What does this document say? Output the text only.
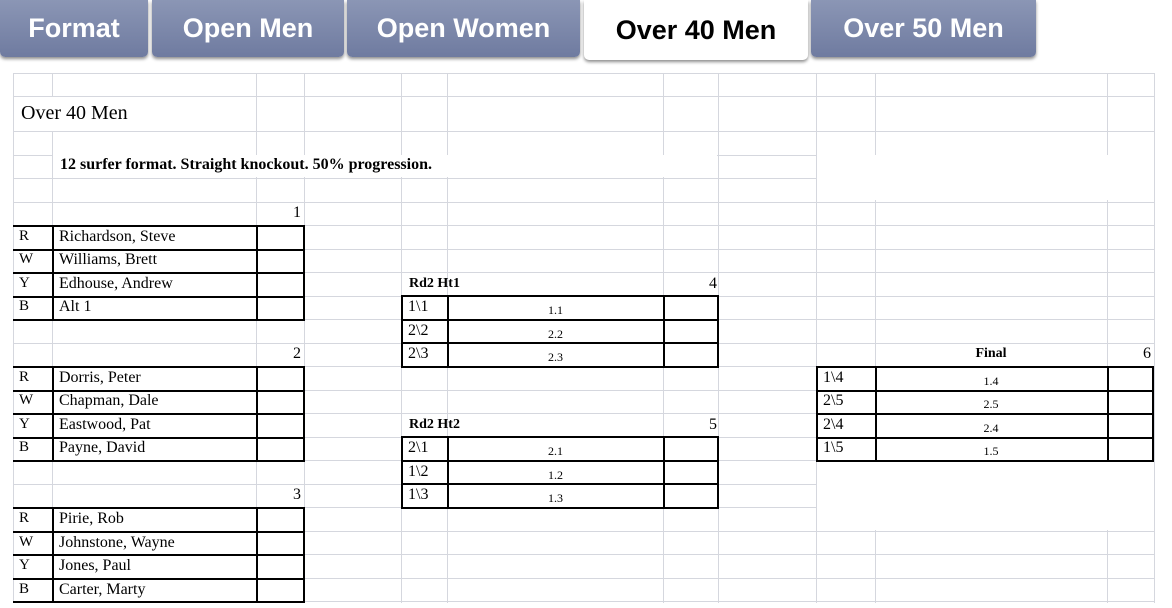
Format	Open Men	Open Women	Over 40 Men	Over 50 Men
Over 40 Men
12 surfer format. Straight knockout. 50% progression.
1
2
3
R Richardson, Steve
W Williams, Brett
Y Edhouse, Andrew
B Alt 1
R Dorris, Peter
W Chapman, Dale
Y Eastwood, Pat
B Payne, David
R Pirie, Rob
W Johnstone, Wayne
Y Jones, Paul
B Carter, Marty
Rd2 Ht1	4
1\1	1.1
2\2	2.2
2\3	2.3
Rd2 Ht2	5
2\1	2.1
1\2	1.2
1\3	1.3
Final	6
1\4	1.4
2\5	2.5
2\4	2.4
1\5	1.5
